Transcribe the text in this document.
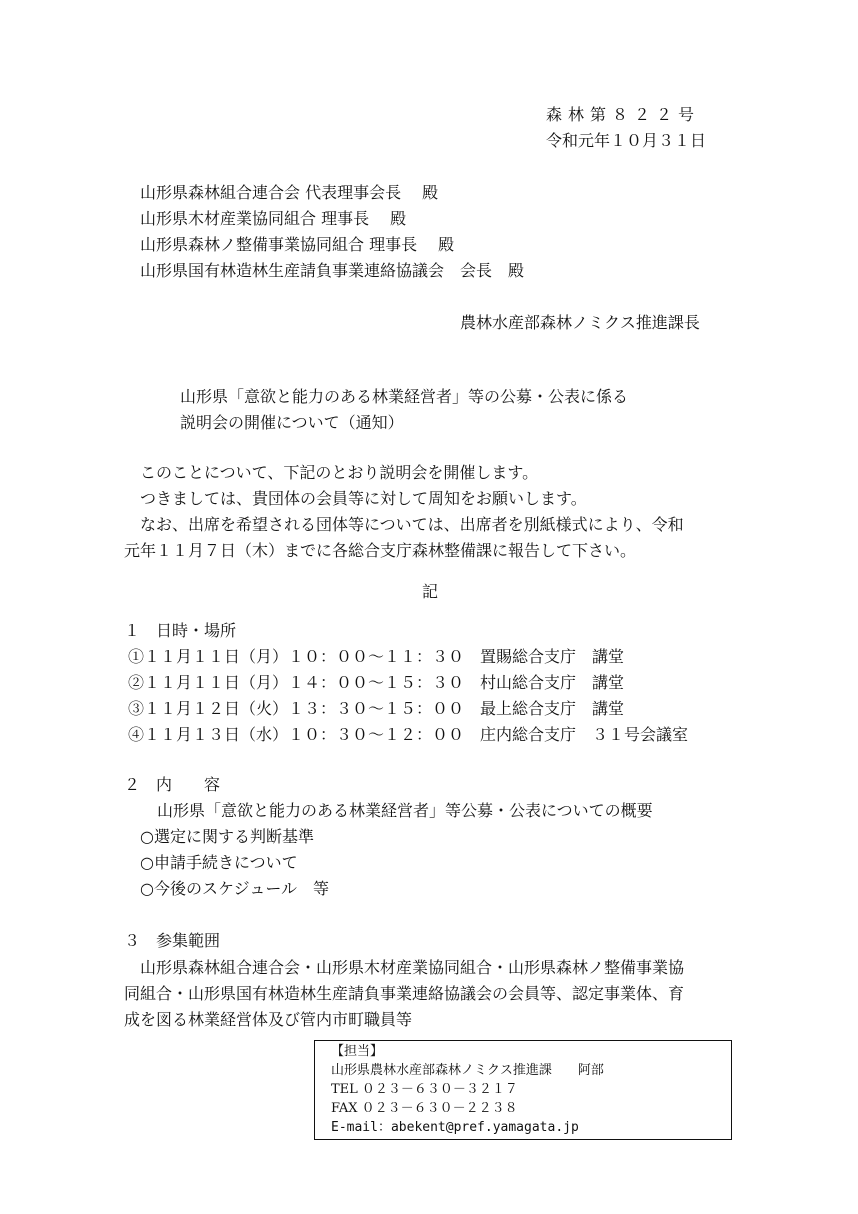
森林第８２２号
令和元年１０月３１日
山形県森林組合連合会 代表理事会長　 殿
山形県木材産業協同組合 理事長　 殿
山形県森林ノ整備事業協同組合 理事長　 殿
山形県国有林造林生産請負事業連絡協議会　会長　殿
農林水産部森林ノミクス推進課長
山形県「意欲と能力のある林業経営者」等の公募・公表に係る
説明会の開催について（通知）
　このことについて、下記のとおり説明会を開催します。
　つきましては、貴団体の会員等に対して周知をお願いします。
　なお、出席を希望される団体等については、出席者を別紙様式により、令和
元年１１月７日（木）までに各総合支庁森林整備課に報告して下さい。
記
１　日時・場所
①１１月１１日（月）１０：００～１１：３０　置賜総合支庁　講堂
②１１月１１日（月）１４：００～１５：３０　村山総合支庁　講堂
③１１月１２日（火）１３：３０～１５：００　最上総合支庁　講堂
④１１月１３日（水）１０：３０～１２：００　庄内総合支庁　３１号会議室
２　内　　容
山形県「意欲と能力のある林業経営者」等公募・公表についての概要
○選定に関する判断基準
○申請手続きについて
○今後のスケジュール　等
３　参集範囲
　山形県森林組合連合会・山形県木材産業協同組合・山形県森林ノ整備事業協
同組合・山形県国有林造林生産請負事業連絡協議会の会員等、認定事業体、育
成を図る林業経営体及び管内市町職員等
【担当】
山形県農林水産部森林ノミクス推進課　　阿部
TEL ０２３－６３０－３２１７
FAX ０２３－６３０－２２３８
E-mail：abekent@pref.yamagata.jp
